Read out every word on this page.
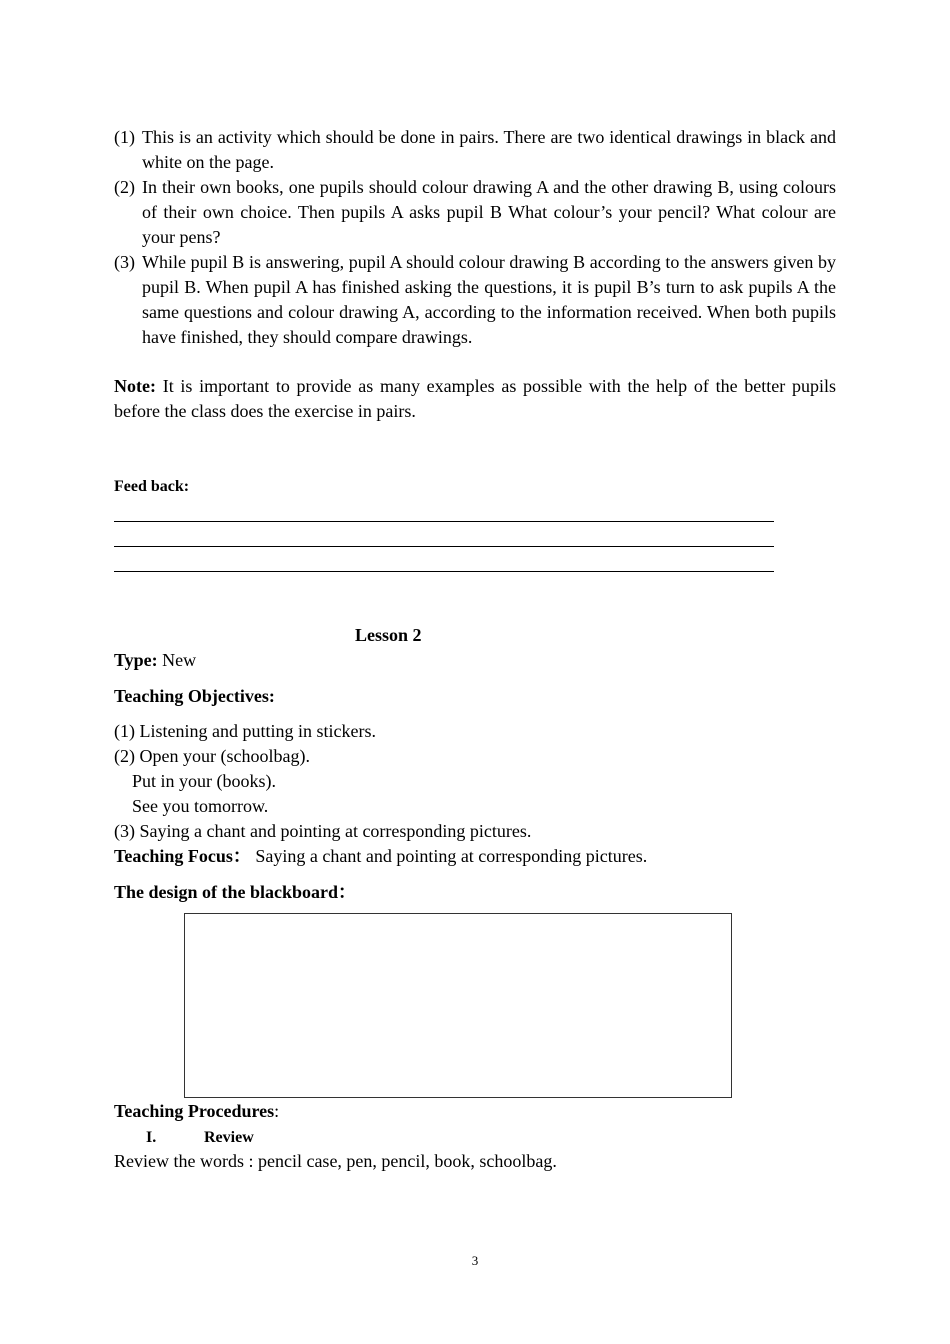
(1) This is an activity which should be done in pairs. There are two identical drawings in black and white on the page.
(2) In their own books, one pupils should colour drawing A and the other drawing B, using colours of their own choice. Then pupils A asks pupil B What colour’s your pencil? What colour are your pens?
(3) While pupil B is answering, pupil A should colour drawing B according to the answers given by pupil B. When pupil A has finished asking the questions, it is pupil B’s turn to ask pupils A the same questions and colour drawing A, according to the information received. When both pupils have finished, they should compare drawings.
Note: It is important to provide as many examples as possible with the help of the better pupils before the class does the exercise in pairs.
Feed back:
Lesson 2
Type: New
Teaching Objectives:
(1) Listening and putting in stickers.
(2) Open your (schoolbag).
Put in your (books).
See you tomorrow.
(3) Saying a chant and pointing at corresponding pictures.
Teaching Focus： Saying a chant and pointing at corresponding pictures.
The design of the blackboard：
Teaching Procedures:
I.	Review
Review the words : pencil case, pen, pencil, book, schoolbag.
3
